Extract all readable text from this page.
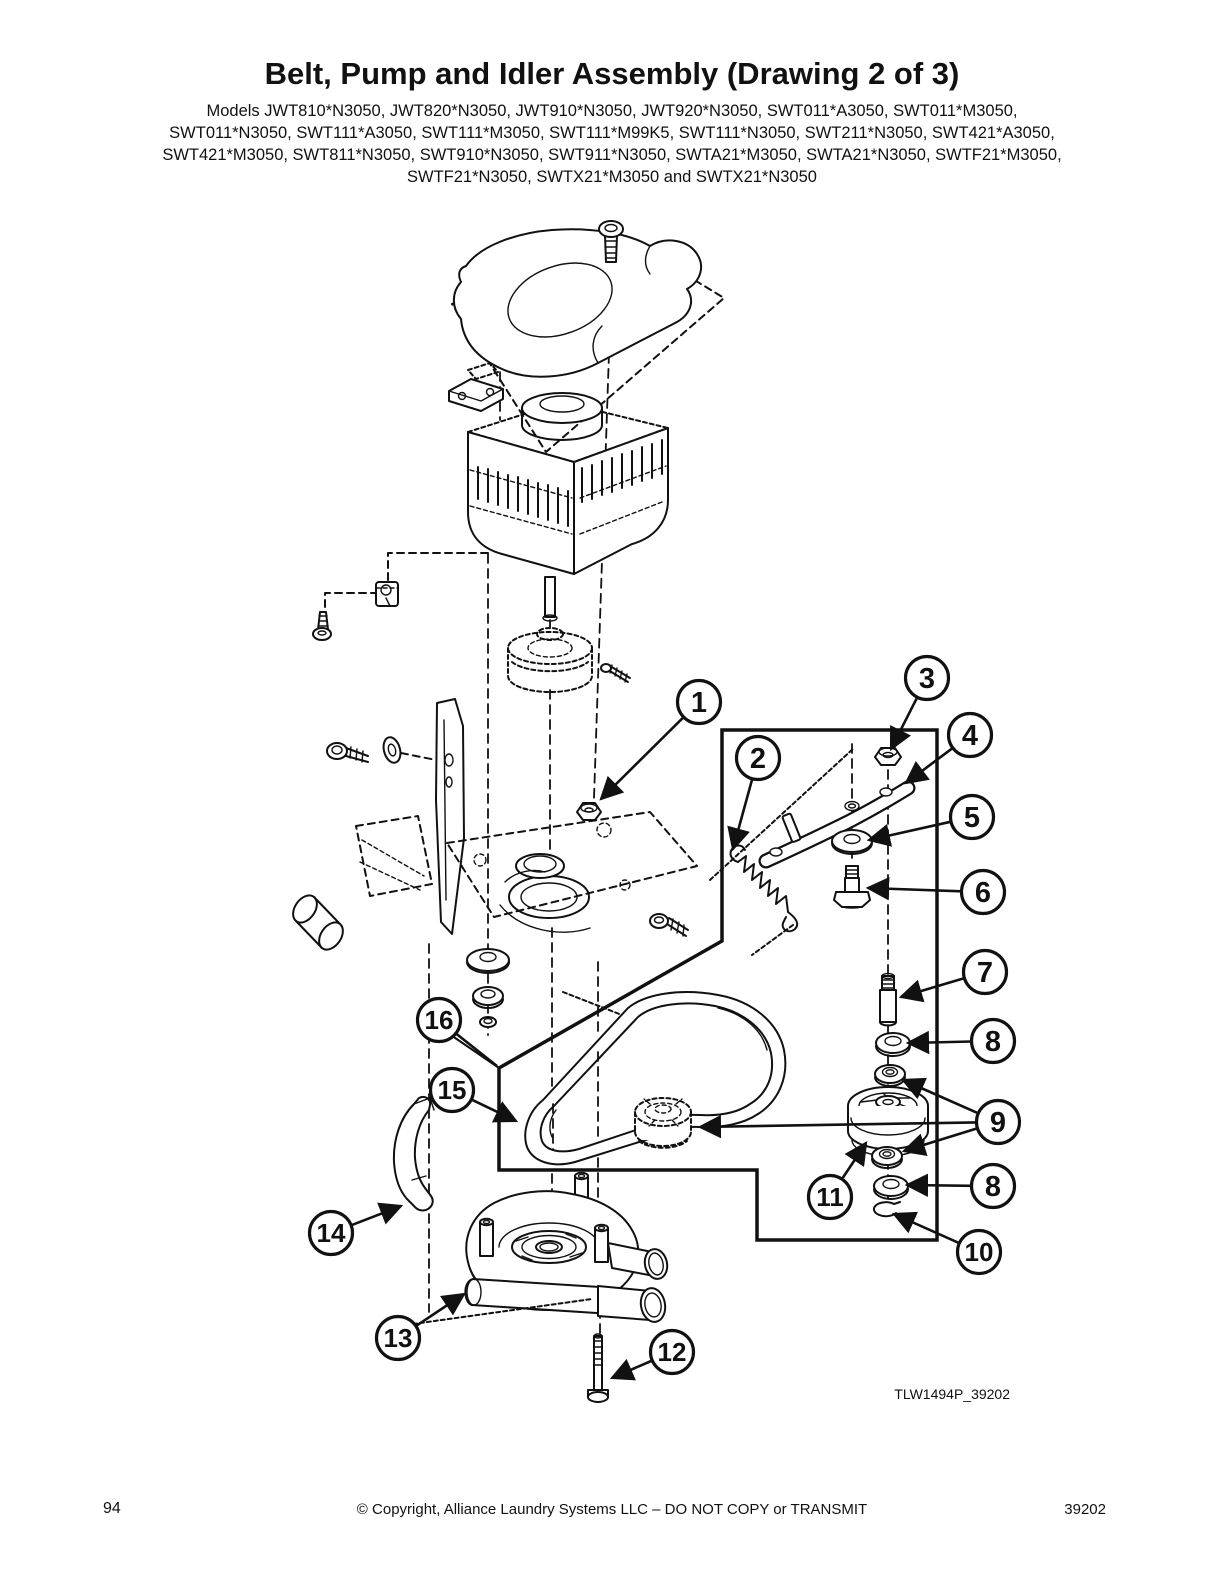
Belt, Pump and Idler Assembly (Drawing 2 of 3)
Models JWT810*N3050, JWT820*N3050, JWT910*N3050, JWT920*N3050, SWT011*A3050, SWT011*M3050,
SWT011*N3050, SWT111*A3050, SWT111*M3050, SWT111*M99K5, SWT111*N3050, SWT211*N3050, SWT421*A3050,
SWT421*M3050, SWT811*N3050, SWT910*N3050, SWT911*N3050, SWTA21*M3050, SWTA21*N3050, SWTF21*M3050,
SWTF21*N3050, SWTX21*M3050 and SWTX21*N3050
1
2
3
4
5
6
7
8
9
8
10
11
12
13
14
15
16
TLW1494P_39202
94	© Copyright, Alliance Laundry Systems LLC – DO NOT COPY or TRANSMIT	39202
